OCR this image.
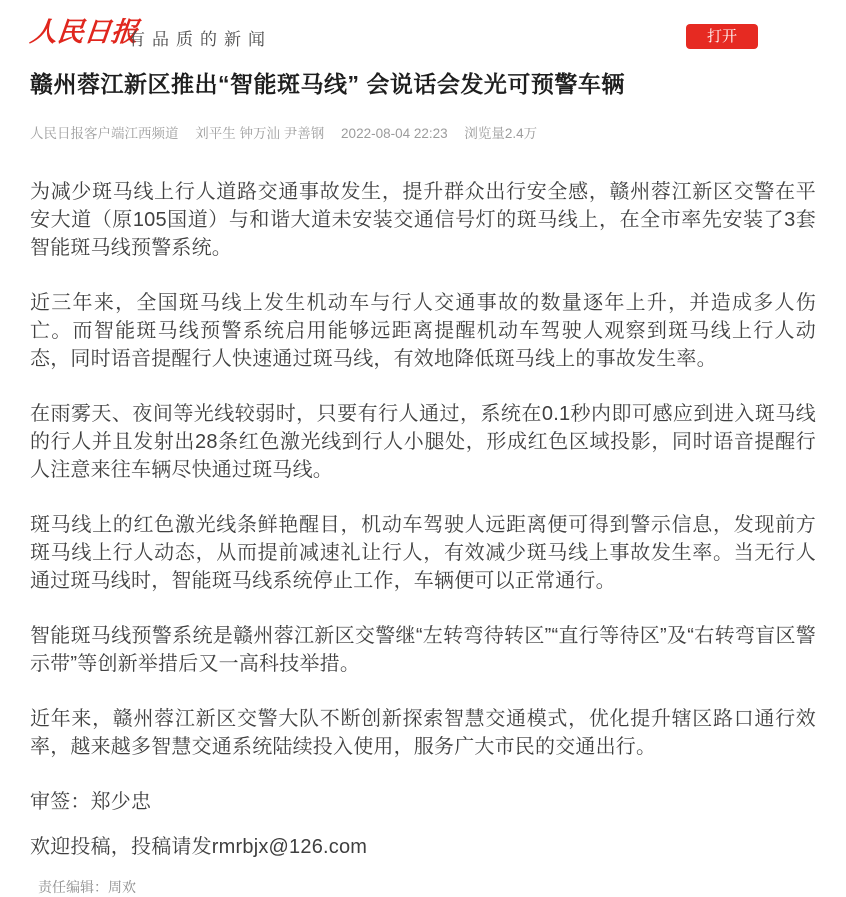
人民日报
有品质的新闻	打开
赣州蓉江新区推出“智能斑马线” 会说话会发光可预警车辆
人民日报客户端江西频道 刘平生 钟万汕 尹善钢 2022-08-04 22:23 浏览量2.4万

为减少斑马线上行人道路交通事故发生，提升群众出行安全感，赣州蓉江新区交警在平安大道（原105国道）与和谐大道未安装交通信号灯的斑马线上，在全市率先安装了3套智能斑马线预警系统。

近三年来，全国斑马线上发生机动车与行人交通事故的数量逐年上升，并造成多人伤亡。而智能斑马线预警系统启用能够远距离提醒机动车驾驶人观察到斑马线上行人动态，同时语音提醒行人快速通过斑马线，有效地降低斑马线上的事故发生率。

在雨雾天、夜间等光线较弱时，只要有行人通过，系统在0.1秒内即可感应到进入斑马线的行人并且发射出28条红色激光线到行人小腿处，形成红色区域投影，同时语音提醒行人注意来往车辆尽快通过斑马线。

斑马线上的红色激光线条鲜艳醒目，机动车驾驶人远距离便可得到警示信息，发现前方斑马线上行人动态，从而提前减速礼让行人，有效减少斑马线上事故发生率。当无行人通过斑马线时，智能斑马线系统停止工作，车辆便可以正常通行。

智能斑马线预警系统是赣州蓉江新区交警继“左转弯待转区”“直行等待区”及“右转弯盲区警示带”等创新举措后又一高科技举措。

近年来，赣州蓉江新区交警大队不断创新探索智慧交通模式，优化提升辖区路口通行效率，越来越多智慧交通系统陆续投入使用，服务广大市民的交通出行。

审签：郑少忠

欢迎投稿，投稿请发rmrbjx@126.com

责任编辑：周欢
